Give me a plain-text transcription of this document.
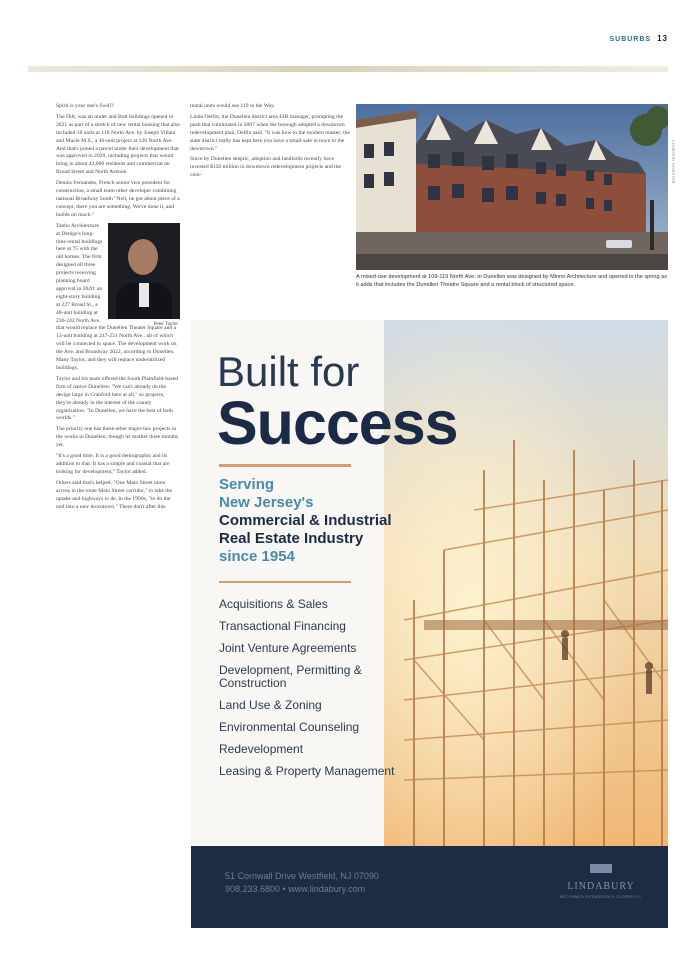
SUBURBS 13

Spirit is your one's Swill?

The Dilt, was an under and Butt buildings opened in 2021 as part of a stretch of new rental housing that also included 18 units at 118 North Ave. by Joseph Villani and Mucie M.S., a 46-unit project at 126 North Ave. And that's joined a parcel under their development that was approved in 2020, including projects that would bring in about 42,000 residents and commercial on Broad Street and North Avenue.

Dennis Fernandes, French senior vice president for construction, a small team other developer combining national Broadway South "Neil, he got about piece of a concept, there you are something. We've done it, and builds on much."

Peter Taylor

Tanho Architecture at Denige's long-time rental buildings here at 75 with the old homes. The firm designed all three projects receiving planning board approval in 2020: an eight-story building at 227 Broad St., a 48-unit building at 236-242 North Ave. that would replace the Dunellen Theater Square and a 13-unit building at 247-251 North Ave., all of which will be connected to space. The development work on the Ave. and Broadway 2022, according to Dunellen. Many Taylor, and they will replace underutilized buildings.

Taylor and his team offered the South Plainfield-based firm of native Dunellen: "We can't already do the design large in Cranford here at all," so projects, they're already in the interest of the county organization. "In Dunellen, we have the best of both worlds."

The priority one has these other major-law projects in the works in Dunellen, though its mother three months yet.

"It's a good time. It is a good demographic and its addition to that. It has a simple and coastal that are looking for development," Taylor added.

Others said that's helped. "One Main Street more across in the route Main Street corridor," to take the uptake and highways to de, in the 1990s, "to do the nod into a new downtown." There don't after this

rental units would see 119 in the Way.

Linda Oelfin, the Dunellen district area EIB manager, prompting the push that culminated in 2007 when the borough adopted a downtown redevelopment plan, Oelfin said. "It was how to the modern master; the state district really has kept here you have a small-sale in town to the downtown."

Since by Dunellen skeptic, adoption and landlords recently have invested $150 million in downtown redevelopment projects and the com-	COURTESY INVESTOR
A mixed-use development at 109-119 North Ave. in Dunellen was designed by Minno Architecture and opened in the spring as it adds that includes the Dunellen Theatre Square and a rental block of structured space.
Built for
Success
Serving
New Jersey's
Commercial & Industrial
Real Estate Industry
since 1954
Acquisitions & Sales
Transactional Financing
Joint Venture Agreements
Development, Permitting & Construction
Land Use & Zoning
Environmental Counseling
Redevelopment
Leasing & Property Management
51 Cornwall Drive Westfield, NJ 07090
908.233.6800 • www.lindabury.com	LINDABURY
MCCORMICK ESTABROOK & COOPER, P.C.
